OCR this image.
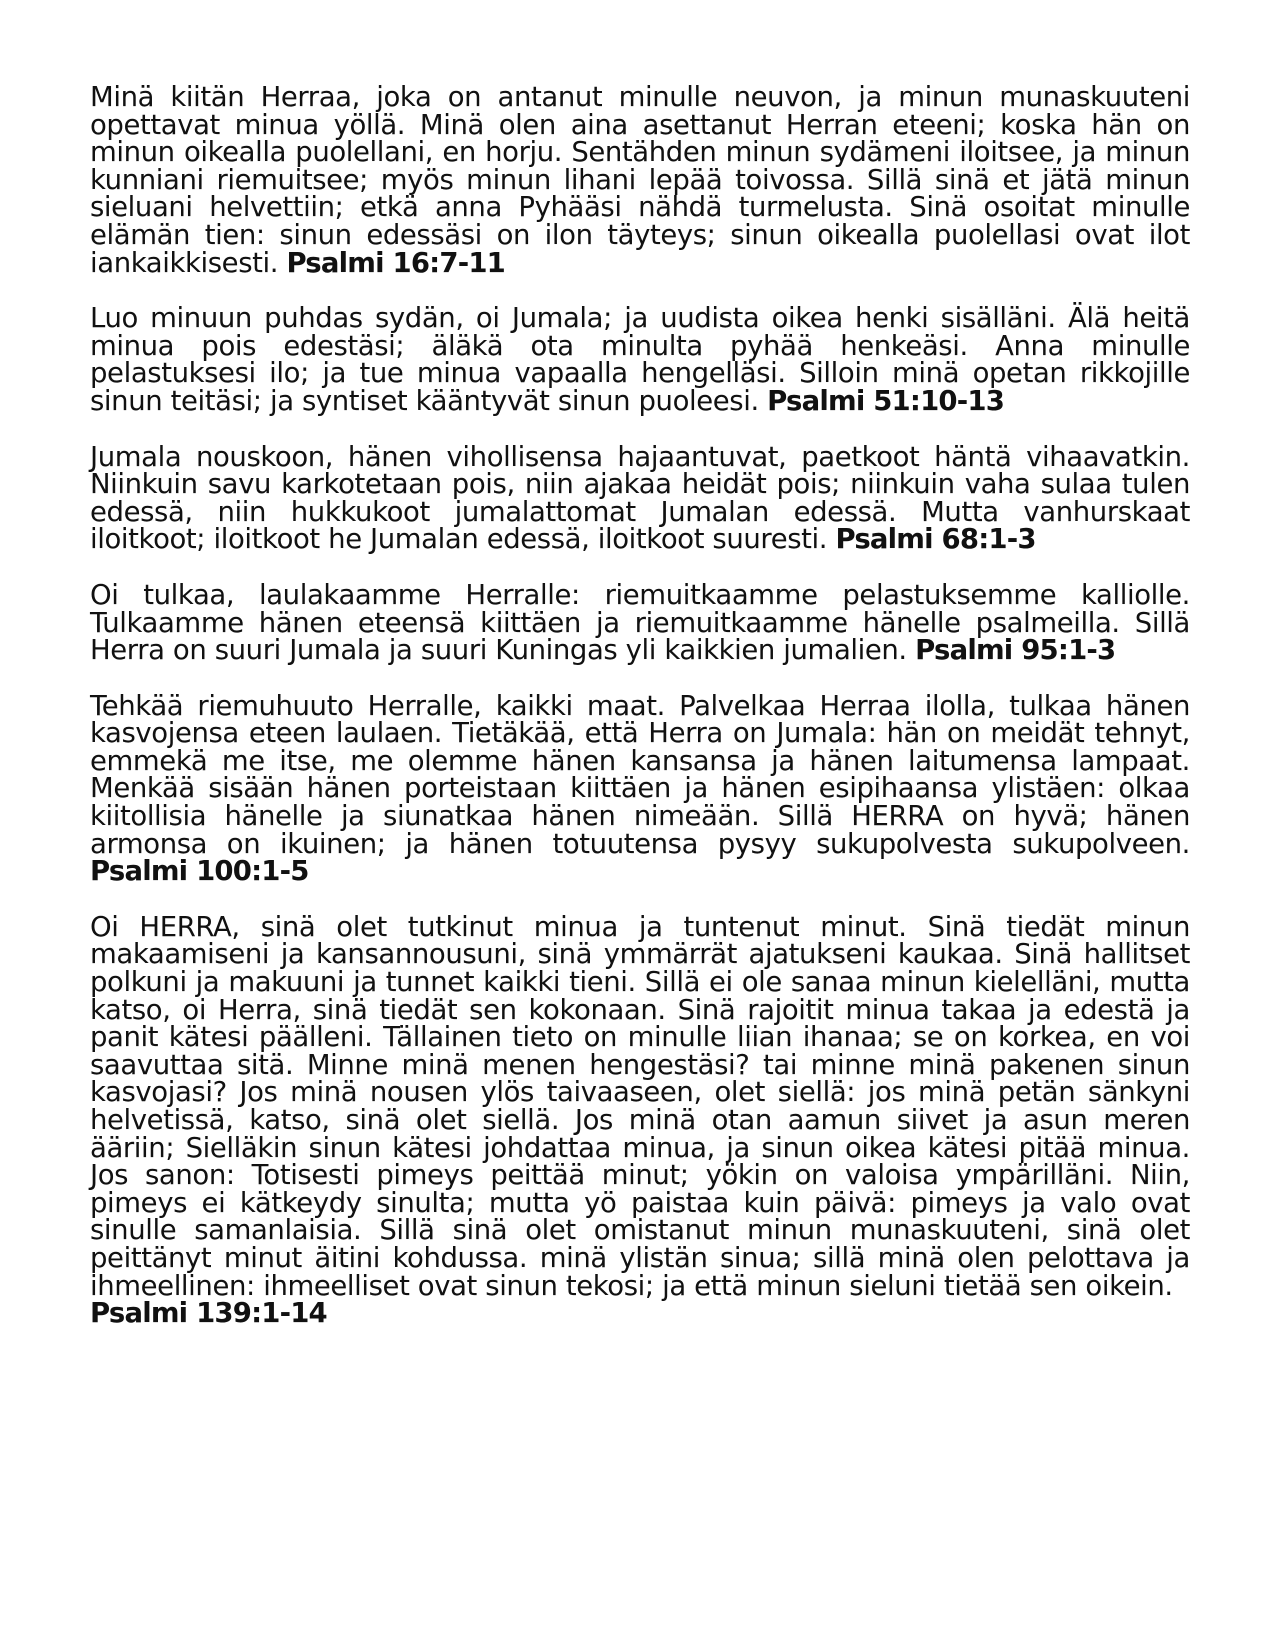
Minä kiitän Herraa, joka on antanut minulle neuvon, ja minun munaskuuteni opettavat minua yöllä. Minä olen aina asettanut Herran eteeni; koska hän on minun oikealla puolellani, en horju. Sentähden minun sydämeni iloitsee, ja minun kunniani riemuitsee; myös minun lihani lepää toivossa. Sillä sinä et jätä minun sieluani helvettiin; etkä anna Pyhääsi nähdä turmelusta. Sinä osoitat minulle elämän tien: sinun edessäsi on ilon täyteys; sinun oikealla puolellasi ovat ilot iankaikkisesti. Psalmi 16:7-11

Luo minuun puhdas sydän, oi Jumala; ja uudista oikea henki sisälläni. Älä heitä minua pois edestäsi; äläkä ota minulta pyhää henkeäsi. Anna minulle pelastuksesi ilo; ja tue minua vapaalla hengelläsi. Silloin minä opetan rikkojille sinun teitäsi; ja syntiset kääntyvät sinun puoleesi. Psalmi 51:10-13

Jumala nouskoon, hänen vihollisensa hajaantuvat, paetkoot häntä vihaavatkin. Niinkuin savu karkotetaan pois, niin ajakaa heidät pois; niinkuin vaha sulaa tulen edessä, niin hukkukoot jumalattomat Jumalan edessä. Mutta vanhurskaat iloitkoot; iloitkoot he Jumalan edessä, iloitkoot suuresti. Psalmi 68:1-3

Oi tulkaa, laulakaamme Herralle: riemuitkaamme pelastuksemme kalliolle. Tulkaamme hänen eteensä kiittäen ja riemuitkaamme hänelle psalmeilla. Sillä Herra on suuri Jumala ja suuri Kuningas yli kaikkien jumalien. Psalmi 95:1-3

Tehkää riemuhuuto Herralle, kaikki maat. Palvelkaa Herraa ilolla, tulkaa hänen kasvojensa eteen laulaen. Tietäkää, että Herra on Jumala: hän on meidät tehnyt, emmekä me itse, me olemme hänen kansansa ja hänen laitumensa lampaat. Menkää sisään hänen porteistaan kiittäen ja hänen esipihaansa ylistäen: olkaa kiitollisia hänelle ja siunatkaa hänen nimeään. Sillä HERRA on hyvä; hänen armonsa on ikuinen; ja hänen totuutensa pysyy sukupolvesta sukupolveen. Psalmi 100:1-5

Oi HERRA, sinä olet tutkinut minua ja tuntenut minut. Sinä tiedät minun makaamiseni ja kansannousuni, sinä ymmärrät ajatukseni kaukaa. Sinä hallitset polkuni ja makuuni ja tunnet kaikki tieni. Sillä ei ole sanaa minun kielelläni, mutta katso, oi Herra, sinä tiedät sen kokonaan. Sinä rajoitit minua takaa ja edestä ja panit kätesi päälleni. Tällainen tieto on minulle liian ihanaa; se on korkea, en voi saavuttaa sitä. Minne minä menen hengestäsi? tai minne minä pakenen sinun kasvojasi? Jos minä nousen ylös taivaaseen, olet siellä: jos minä petän sänkyni helvetissä, katso, sinä olet siellä. Jos minä otan aamun siivet ja asun meren ääriin; Sielläkin sinun kätesi johdattaa minua, ja sinun oikea kätesi pitää minua. Jos sanon: Totisesti pimeys peittää minut; yökin on valoisa ympärilläni. Niin, pimeys ei kätkeydy sinulta; mutta yö paistaa kuin päivä: pimeys ja valo ovat sinulle samanlaisia. Sillä sinä olet omistanut minun munaskuuteni, sinä olet peittänyt minut äitini kohdussa. minä ylistän sinua; sillä minä olen pelottava ja ihmeellinen: ihmeelliset ovat sinun tekosi; ja että minun sieluni tietää sen oikein.
Psalmi 139:1-14
